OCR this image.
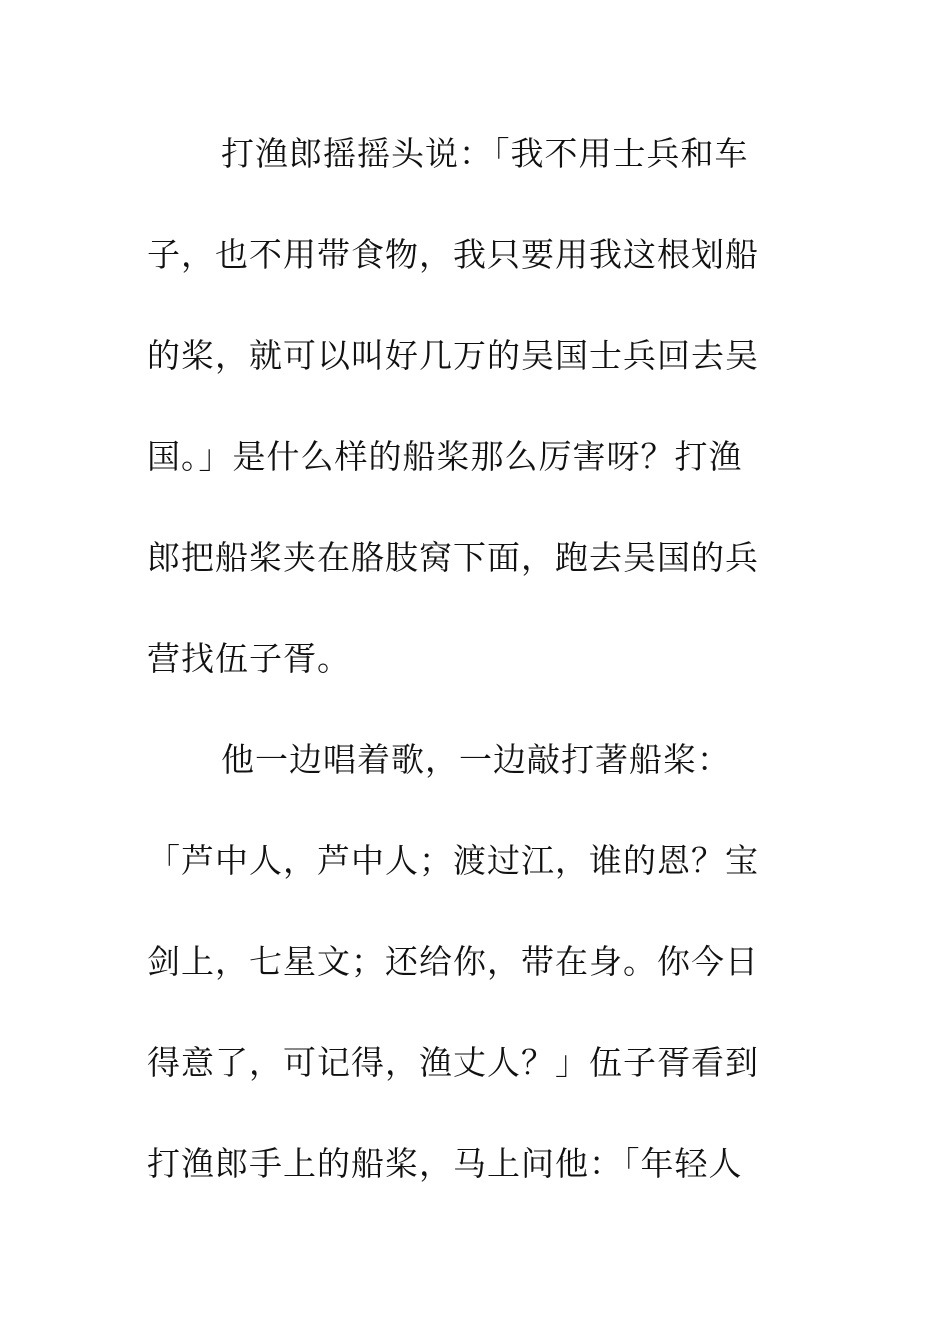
打渔郎摇摇头说：「我不用士兵和车
子，也不用带食物，我只要用我这根划船
的桨，就可以叫好几万的吴国士兵回去吴
国。」是什么样的船桨那么厉害呀？打渔
郎把船桨夹在胳肢窝下面，跑去吴国的兵
营找伍子胥。
他一边唱着歌，一边敲打著船桨：
「芦中人，芦中人；渡过江，谁的恩？宝
剑上，七星文；还给你，带在身。你今日
得意了，可记得，渔丈人？」伍子胥看到
打渔郎手上的船桨，马上问他：「年轻人
